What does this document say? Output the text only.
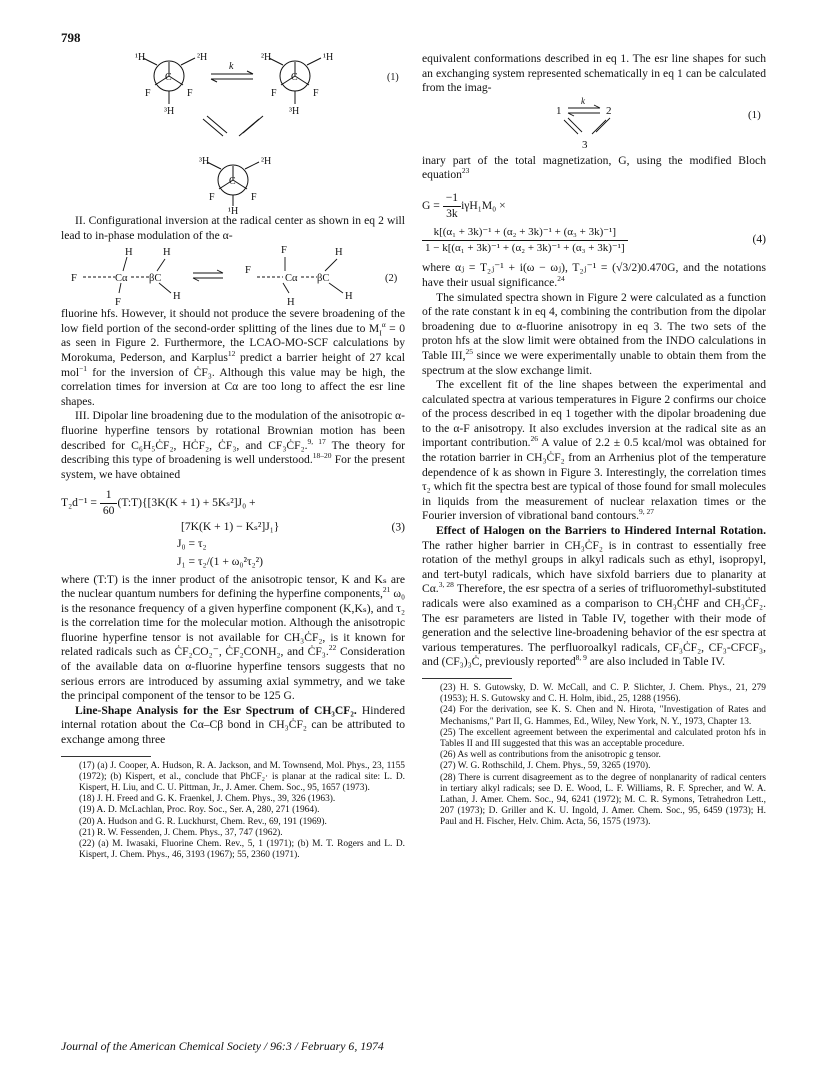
798
¹H	²H
F	F
C
³H
²H	¹H
F	F
C
³H
³H	²H
F	F
C
¹H
k
(1)

II. Configurational inversion at the radical center as shown in eq 2 will lead to in-phase modulation of the α-

F
H
Cα βC
F
H
H
F
F
Cα βC
H
H
H
(2)

fluorine hfs. However, it should not produce the severe broadening of the low field portion of the second-order splitting of the lines due to $M_I^\alpha = 0$ as seen in Figure 2. Furthermore, the LCAO-MO-SCF calculations by Morokuma, Pederson, and Karplus$^{12}$ predict a barrier height of 27 kcal mol$^{-1}$ for the inversion of ĊF₃. Although this value may be high, the correlation times for inversion at Cα are too long to affect the esr line shapes.

III. Dipolar line broadening due to the modulation of the anisotropic α-fluorine hyperfine tensors by rotational Brownian motion has been described for C₆H₅ĊF₂, HĊF₂, ĊF₃, and CF₃ĊF₂.$^{9, 17}$ The theory for describing this type of broadening is well understood.$^{18-20}$ For the present system, we have obtained

T₂d⁻¹ =
$\frac{1}{60}$ (T:T){[3K(K + 1) + 5Kₛ²]J₀ +
[7K(K + 1) − Kₛ²]J₁}	(3)
J₀ = τ₂
J₁ = τ₂/(1 + ω₀²τ₂²)

where (T:T) is the inner product of the anisotropic tensor, K and Kₛ are the nuclear quantum numbers for defining the hyperfine components,$^{21}$ ω₀ is the resonance frequency of a given hyperfine component (K,Kₛ), and τ₂ is the correlation time for the molecular motion. Although the anisotropic fluorine hyperfine tensor is not available for CH₃ĊF₂, is it known for related radicals such as ĊF₂CO₂⁻, ĊF₂CONH₂, and ĊF₃.$^{22}$ Consideration of the available data on α-fluorine hyperfine tensors suggests that no serious errors are introduced by assuming axial symmetry, and we take the principal component of the tensor to be 125 G.

Line-Shape Analysis for the Esr Spectrum of CH₃CF₂. Hindered internal rotation about the Cα–Cβ bond in CH₃ĊF₂ can be attributed to exchange among three

(17) (a) J. Cooper, A. Hudson, R. A. Jackson, and M. Townsend, Mol. Phys., 23, 1155 (1972); (b) Kispert, et al., conclude that PhCF₂· is planar at the radical site: L. D. Kispert, H. Liu, and C. U. Pittman, Jr., J. Amer. Chem. Soc., 95, 1657 (1973).

(18) J. H. Freed and G. K. Fraenkel, J. Chem. Phys., 39, 326 (1963).

(19) A. D. McLachlan, Proc. Roy. Soc., Ser. A, 280, 271 (1964).

(20) A. Hudson and G. R. Luckhurst, Chem. Rev., 69, 191 (1969).

(21) R. W. Fessenden, J. Chem. Phys., 37, 747 (1962).

(22) (a) M. Iwasaki, Fluorine Chem. Rev., 5, 1 (1971); (b) M. T. Rogers and L. D. Kispert, J. Chem. Phys., 46, 3193 (1967); 55, 2360 (1971).

equivalent conformations described in eq 1. The esr line shapes for such an exchanging system represented schematically in eq 1 can be calculated from the imag-

1	2
3
k
(1)

inary part of the total magnetization, G, using the modified Bloch equation$^{23}$

G =
$\frac{-1}{3k} i\gamma H_1M_0$ ×
$\frac{\text{k[(α₁ + 3k)⁻¹ + (α₂ + 3k)⁻¹ + (α₃ + 3k)⁻¹]}}{\text{1 − k[(α₁ + 3k)⁻¹ + (α₂ + 3k)⁻¹ + (α₃ + 3k)⁻¹]}}$	(4)

where αⱼ = T₂ⱼ⁻¹ + i(ω − ωⱼ), T₂ⱼ⁻¹ = (√3/2)0.470G, and the notations have their usual significance.$^{24}$

The simulated spectra shown in Figure 2 were calculated as a function of the rate constant k in eq 4, combining the contribution from the dipolar broadening due to α-fluorine anisotropy in eq 3. The two sets of the proton hfs at the slow limit were obtained from the INDO calculations in Table III,$^{25}$ since we were experimentally unable to obtain them from the spectrum at the slow exchange limit.

The excellent fit of the line shapes between the experimental and calculated spectra at various temperatures in Figure 2 confirms our choice of the process described in eq 1 together with the dipolar broadening due to the α-F anisotropy. It also excludes inversion at the radical site as an important contribution.$^{26}$ A value of 2.2 ± 0.5 kcal/mol was obtained for the rotation barrier in CH₃ĊF₂ from an Arrhenius plot of the temperature dependence of k as shown in Figure 3. Interestingly, the correlation times τ₂ which fit the spectra best are typical of those found for small molecules in liquids from the measurement of nuclear relaxation times or the Fourier inversion of vibrational band contours.$^{9, 27}$

Effect of Halogen on the Barriers to Hindered Internal Rotation. The rather higher barrier in CH₃ĊF₂ is in contrast to essentially free rotation of the methyl groups in alkyl radicals such as ethyl, isopropyl, and tert-butyl radicals, which have sixfold barriers due to planarity at Cα.$^{3, 28}$ Therefore, the esr spectra of a series of trifluoromethyl-substituted radicals were also examined as a comparison to CH₃ĊHF and CH₃ĊF₂. The esr parameters are listed in Table IV, together with their mode of generation and the selective line-broadening behavior of the esr spectra at various temperatures. The perfluoroalkyl radicals, CF₃ĊF₂, CF₃-CFCF₃, and (CF₃)₃Ċ, previously reported$^{8, 9}$ are also included in Table IV.

(23) H. S. Gutowsky, D. W. McCall, and C. P. Slichter, J. Chem. Phys., 21, 279 (1953); H. S. Gutowsky and C. H. Holm, ibid., 25, 1288 (1956).

(24) For the derivation, see K. S. Chen and N. Hirota, "Investigation of Rates and Mechanisms," Part II, G. Hammes, Ed., Wiley, New York, N. Y., 1973, Chapter 13.

(25) The excellent agreement between the experimental and calculated proton hfs in Tables II and III suggested that this was an acceptable procedure.

(26) As well as contributions from the anisotropic g tensor.

(27) W. G. Rothschild, J. Chem. Phys., 59, 3265 (1970).

(28) There is current disagreement as to the degree of nonplanarity of radical centers in tertiary alkyl radicals; see D. E. Wood, L. F. Williams, R. F. Sprecher, and W. A. Lathan, J. Amer. Chem. Soc., 94, 6241 (1972); M. C. R. Symons, Tetrahedron Lett., 207 (1973); D. Griller and K. U. Ingold, J. Amer. Chem. Soc., 95, 6459 (1973); H. Paul and H. Fischer, Helv. Chim. Acta, 56, 1575 (1973).

Journal of the American Chemical Society / 96:3 / February 6, 1974
